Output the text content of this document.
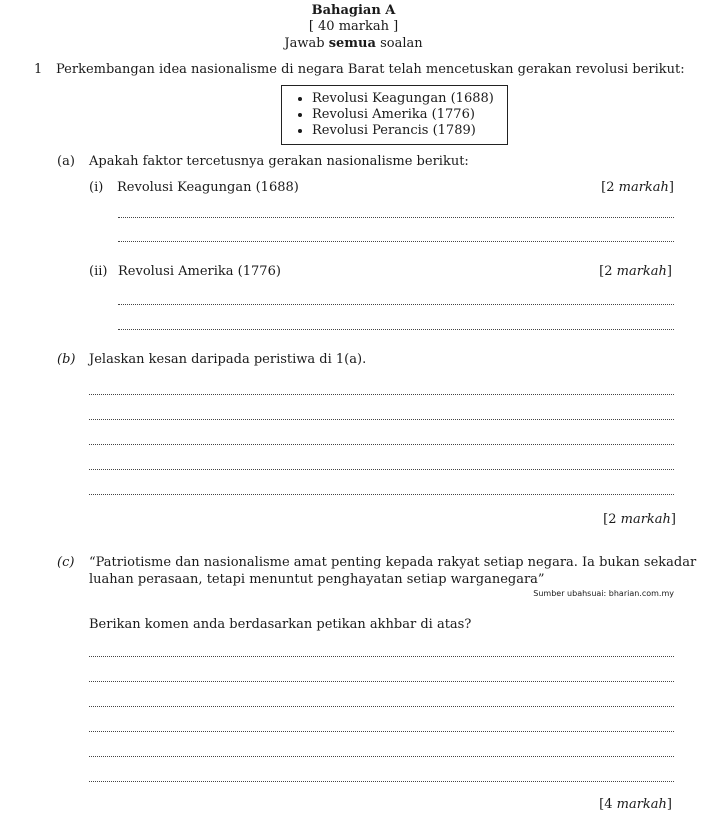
Bahagian A
[ 40 markah ]
Jawab semua soalan
1 Perkembangan idea nasionalisme di negara Barat telah mencetuskan gerakan revolusi berikut:
• Revolusi Keagungan (1688)
• Revolusi Amerika (1776)
• Revolusi Perancis (1789)
(a) Apakah faktor tercetusnya gerakan nasionalisme berikut:
(i) Revolusi Keagungan (1688)	[2 markah]
(ii) Revolusi Amerika (1776)	[2 markah]
(b) Jelaskan kesan daripada peristiwa di 1(a).
[2 markah]
(c) “Patriotisme dan nasionalisme amat penting kepada rakyat setiap negara. Ia bukan sekadar
luahan perasaan, tetapi menuntut penghayatan setiap warganegara”
Sumber ubahsuai: bharian.com.my
Berikan komen anda berdasarkan petikan akhbar di atas?
[4 markah]
